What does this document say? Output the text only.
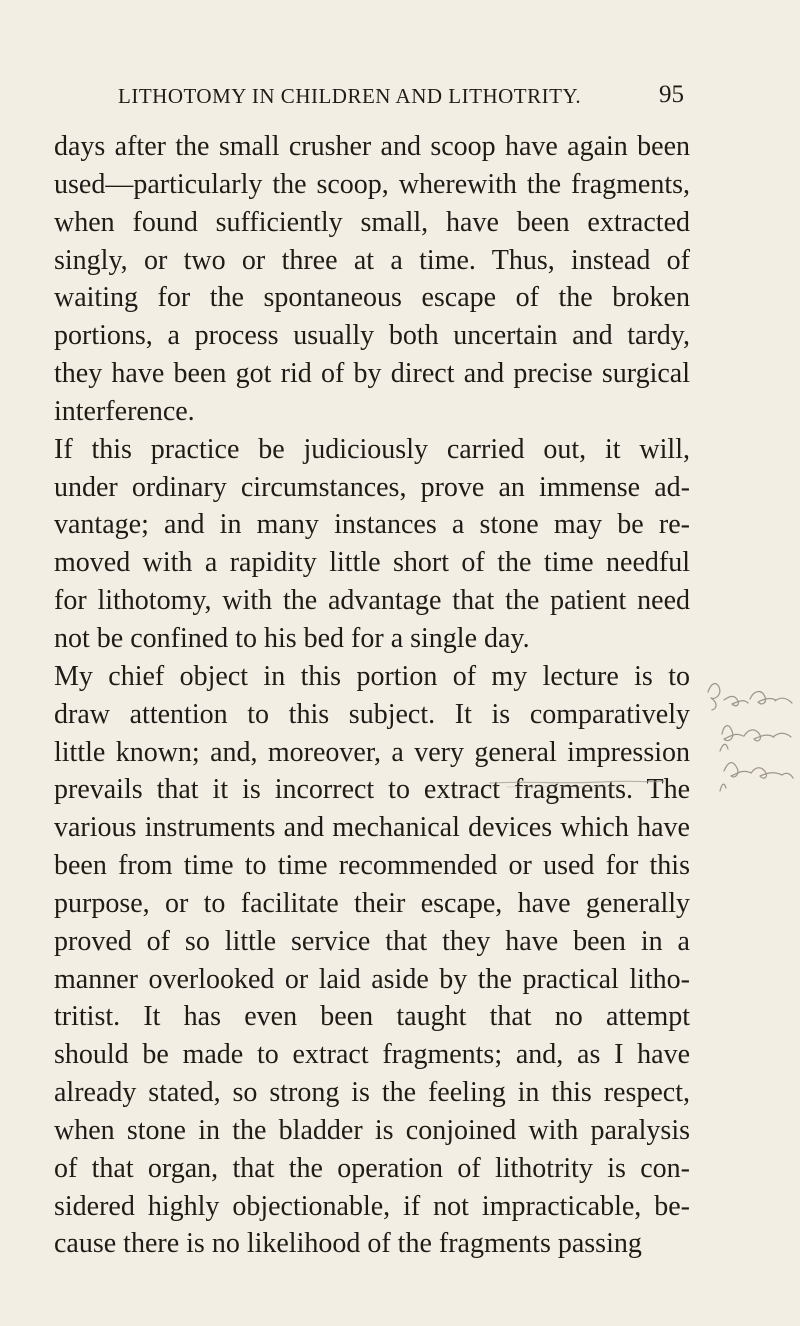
LITHOTOMY IN CHILDREN AND LITHOTRITY.	95
days after the small crusher and scoop have again been
used—particularly the scoop, wherewith the fragments,
when found sufficiently small, have been extracted
singly, or two or three at a time. Thus, instead of
waiting for the spontaneous escape of the broken
portions, a process usually both uncertain and tardy,
they have been got rid of by direct and precise surgical
interference.
If this practice be judiciously carried out, it will,
under ordinary circumstances, prove an immense ad-
vantage; and in many instances a stone may be re-
moved with a rapidity little short of the time needful
for lithotomy, with the advantage that the patient need
not be confined to his bed for a single day.
My chief object in this portion of my lecture is to
draw attention to this subject. It is comparatively
little known; and, moreover, a very general impression
prevails that it is incorrect to extract fragments. The
various instruments and mechanical devices which have
been from time to time recommended or used for this
purpose, or to facilitate their escape, have generally
proved of so little service that they have been in a
manner overlooked or laid aside by the practical litho-
tritist. It has even been taught that no attempt
should be made to extract fragments; and, as I have
already stated, so strong is the feeling in this respect,
when stone in the bladder is conjoined with paralysis
of that organ, that the operation of lithotrity is con-
sidered highly objectionable, if not impracticable, be-
cause there is no likelihood of the fragments passing
